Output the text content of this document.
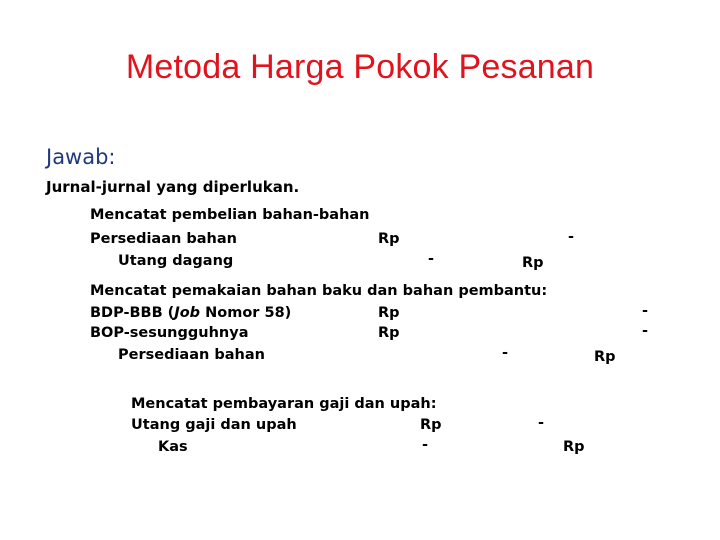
Metoda Harga Pokok Pesanan
Jawab:
Jurnal-jurnal yang diperlukan.
Mencatat pembelian bahan-bahan
Persediaan bahan	Rp	-
Utang dagang	-	Rp
Mencatat pemakaian bahan baku dan bahan pembantu:
BDP-BBB (Job Nomor 58)	Rp	-
BOP-sesungguhnya	Rp	-
Persediaan bahan	-	Rp
Mencatat pembayaran gaji dan upah:
Utang gaji dan upah	Rp	-
Kas	-	Rp
